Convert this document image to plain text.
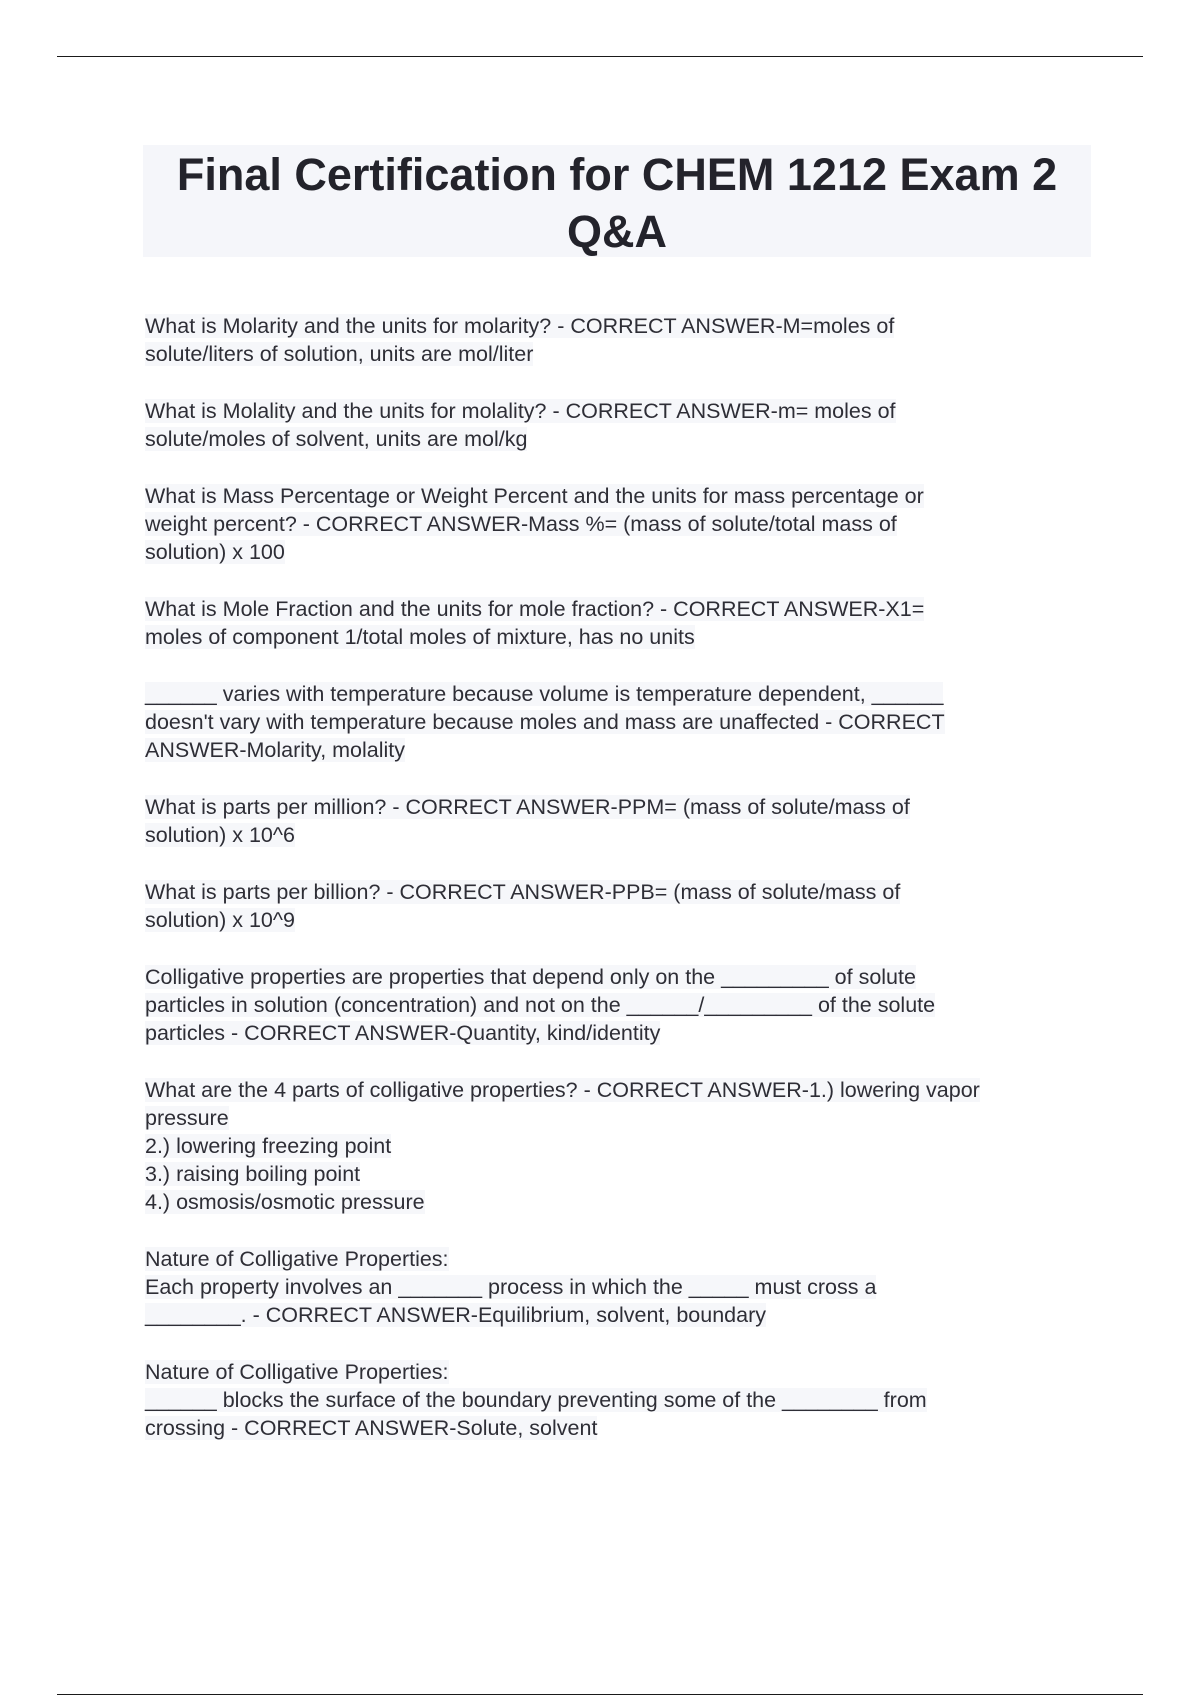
Final Certification for CHEM 1212 Exam 2 Q&A

What is Molarity and the units for molarity? - CORRECT ANSWER-M=moles of
solute/liters of solution, units are mol/liter

What is Molality and the units for molality? - CORRECT ANSWER-m= moles of
solute/moles of solvent, units are mol/kg

What is Mass Percentage or Weight Percent and the units for mass percentage or
weight percent? - CORRECT ANSWER-Mass %= (mass of solute/total mass of
solution) x 100

What is Mole Fraction and the units for mole fraction? - CORRECT ANSWER-X1=
moles of component 1/total moles of mixture, has no units

______ varies with temperature because volume is temperature dependent, ______
doesn't vary with temperature because moles and mass are unaffected - CORRECT
ANSWER-Molarity, molality

What is parts per million? - CORRECT ANSWER-PPM= (mass of solute/mass of
solution) x 10^6

What is parts per billion? - CORRECT ANSWER-PPB= (mass of solute/mass of
solution) x 10^9

Colligative properties are properties that depend only on the _________ of solute
particles in solution (concentration) and not on the ______/_________ of the solute
particles - CORRECT ANSWER-Quantity, kind/identity

What are the 4 parts of colligative properties? - CORRECT ANSWER-1.) lowering vapor
pressure
2.) lowering freezing point
3.) raising boiling point
4.) osmosis/osmotic pressure

Nature of Colligative Properties:
Each property involves an _______ process in which the _____ must cross a
________. - CORRECT ANSWER-Equilibrium, solvent, boundary

Nature of Colligative Properties:
______ blocks the surface of the boundary preventing some of the ________ from
crossing - CORRECT ANSWER-Solute, solvent
